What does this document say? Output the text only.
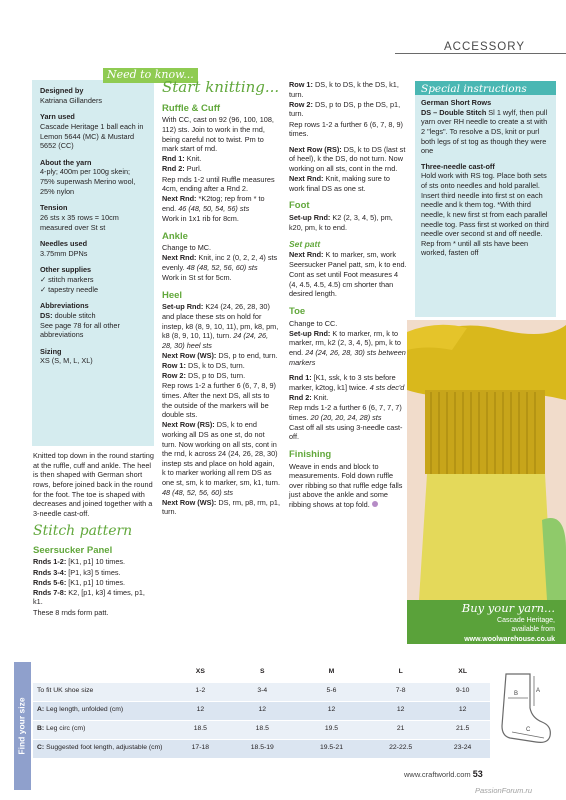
ACCESSORY
Designed by

Katriana Gillanders

Yarn used

Cascade Heritage 1 ball each in Lemon 5644 (MC) & Mustard 5652 (CC)

About the yarn

4-ply; 400m per 100g skein; 75% superwash Merino wool, 25% nylon

Tension

26 sts x 35 rows = 10cm measured over St st

Needles used

3.75mm DPNs

Other supplies

✓ stitch markers

✓ tapestry needle

Abbreviations

DS: double stitch

See page 78 for all other abbreviations

Sizing

XS (S, M, L, XL)

Need to know...

Knitted top down in the round starting at the ruffle, cuff and ankle. The heel is then shaped with German short rows, before joined back in the round for the foot. The toe is shaped with decreases and joined together with a 3-needle cast-off.

Stitch pattern
Seersucker Panel

Rnds 1-2: [K1, p1] 10 times.

Rnds 3-4: [P1, k3] 5 times.

Rnds 5-6: [K1, p1] 10 times.

Rnds 7-8: K2, [p1, k3] 4 times, p1, k1.

These 8 rnds form patt.

Start knitting...
Ruffle & Cuff

With CC, cast on 92 (96, 100, 108, 112) sts. Join to work in the rnd, being careful not to twist. Pm to mark start of rnd.

Rnd 1: Knit.

Rnd 2: Purl.

Rep rnds 1-2 until Ruffle measures 4cm, ending after a Rnd 2.

Next Rnd: *K2tog; rep from * to end. 46 (48, 50, 54, 56) sts

Work in 1x1 rib for 8cm.

Ankle

Change to MC.

Next Rnd: Knit, inc 2 (0, 2, 2, 4) sts evenly. 48 (48, 52, 56, 60) sts

Work in St st for 5cm.

Heel

Set-up Rnd: K24 (24, 26, 28, 30) and place these sts on hold for instep, k8 (8, 9, 10, 11), pm, k8, pm, k8 (8, 9, 10, 11), turn. 24 (24, 26, 28, 30) heel sts

Next Row (WS): DS, p to end, turn.

Row 1: DS, k to DS, turn.

Row 2: DS, p to DS, turn.

Rep rows 1-2 a further 6 (6, 7, 8, 9) times. After the next DS, all sts to the outside of the markers will be double sts.

Next Row (RS): DS, k to end working all DS as one st, do not turn. Now working on all sts, cont in the rnd, k across 24 (24, 26, 28, 30) instep sts and place on hold again, k to marker working all rem DS as one st, sm, k to marker, sm, k1, turn. 48 (48, 52, 56, 60) sts

Next Row (WS): DS, rm, p8, rm, p1, turn.

Row 1: DS, k to DS, k the DS, k1, turn.

Row 2: DS, p to DS, p the DS, p1, turn.

Rep rows 1-2 a further 6 (6, 7, 8, 9) times.

Next Row (RS): DS, k to DS (last st of heel), k the DS, do not turn. Now working on all sts, cont in the rnd.

Next Rnd: Knit, making sure to work final DS as one st.

Foot

Set-up Rnd: K2 (2, 3, 4, 5), pm, k20, pm, k to end.

Set patt

Next Rnd: K to marker, sm, work Seersucker Panel patt, sm, k to end.

Cont as set until Foot measures 4 (4, 4.5, 4.5, 4.5) cm shorter than desired length.

Toe

Change to CC.

Set-up Rnd: K to marker, rm, k to marker, rm, k2 (2, 3, 4, 5), pm, k to end. 24 (24, 26, 28, 30) sts between markers

Rnd 1: [K1, ssk, k to 3 sts before marker, k2tog, k1] twice. 4 sts dec'd

Rnd 2: Knit.

Rep rnds 1-2 a further 6 (6, 7, 7, 7) times. 20 (20, 20, 24, 28) sts

Cast off all sts using 3-needle cast-off.

Finishing

Weave in ends and block to measurements. Fold down ruffle over ribbing so that ruffle edge falls just above the ankle and some ribbing shows at top fold.

Special instructions
German Short Rows

DS – Double Stitch Sl 1 wylf, then pull yarn over RH needle to create a st with 2 "legs". To resolve a DS, knit or purl both legs of st tog as though they were one

Three-needle cast-off

Hold work with RS tog. Place both sets of sts onto needles and hold parallel. Insert third needle into first st on each needle and k them tog. *With third needle, k new first st from each parallel needle tog. Pass first st worked on third needle over second st and off needle. Rep from * until all sts have been worked, fasten off

Buy your yarn...
Cascade Heritage,
available from
www.woolwarehouse.co.uk
Find your size
	XS	S	M	L	XL
To fit UK shoe size	1-2	3-4	5-6	7-8	9-10
A: Leg length, unfolded (cm)	12	12	12	12	12
B: Leg circ (cm)	18.5	18.5	19.5	21	21.5
C: Suggested foot length, adjustable (cm)	17-18	18.5-19	19.5-21	22-22.5	23-24
A
B
C
www.craftworld.com 53
PassionForum.ru
